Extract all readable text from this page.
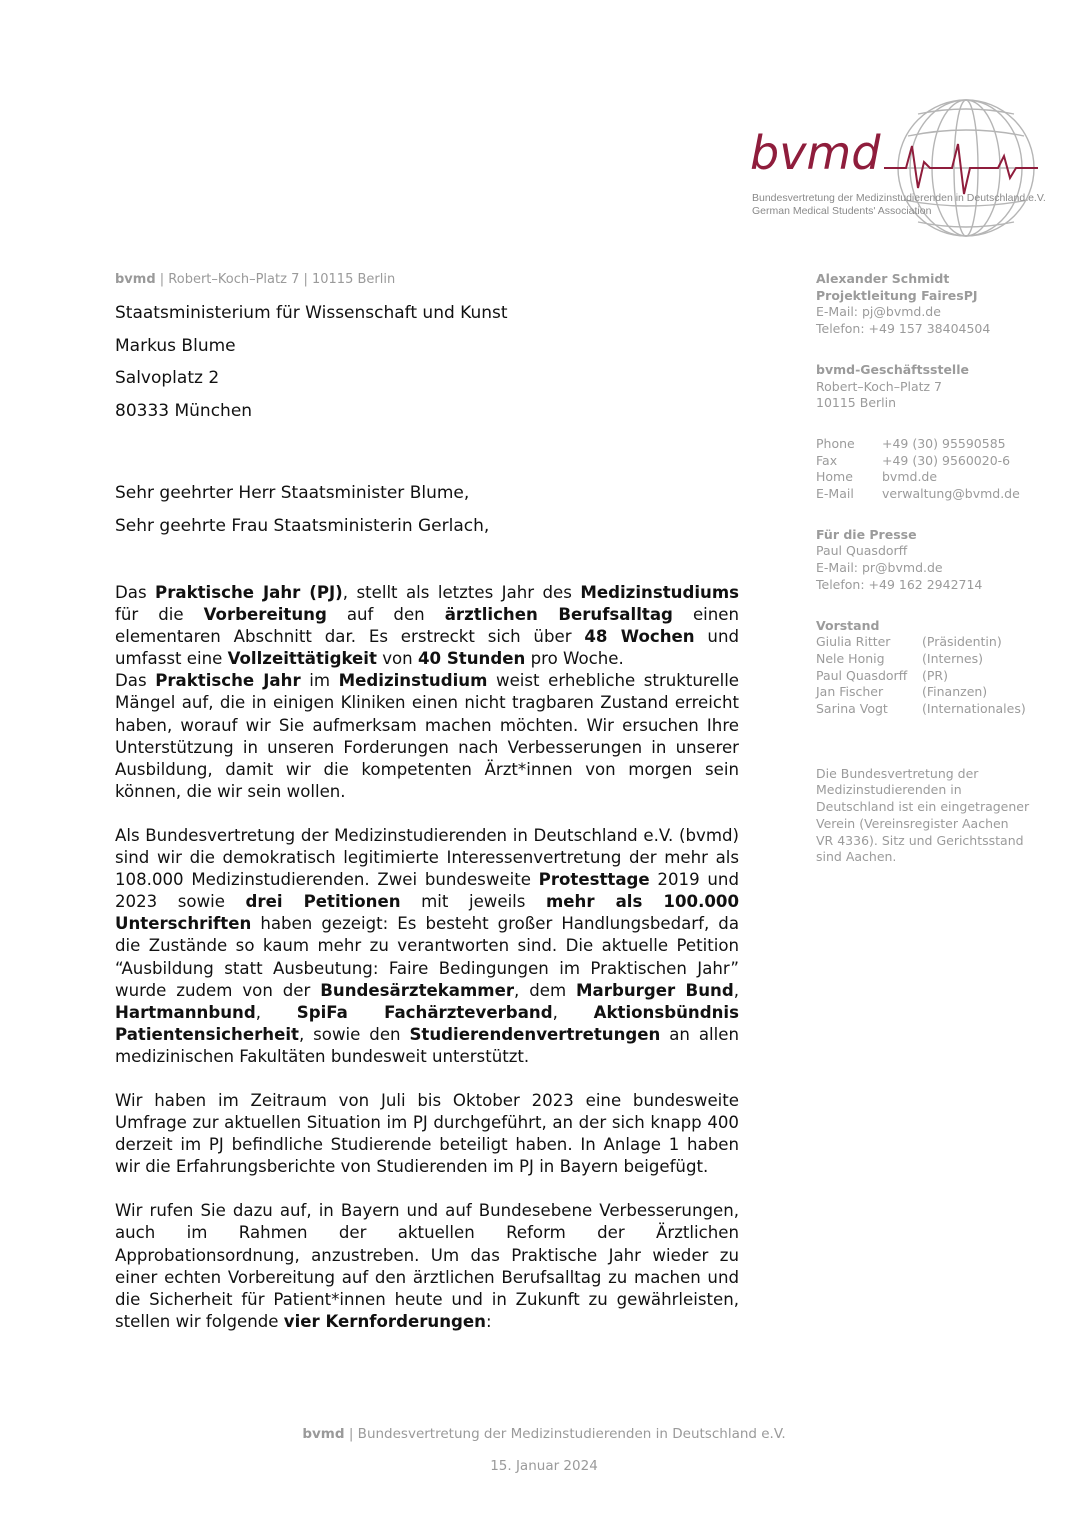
bvmd
Bundesvertretung der Medizinstudierenden in Deutschland e.V.
German Medical Students' Association
bvmd | Robert–Koch–Platz 7 | 10115 Berlin
Staatsministerium für Wissenschaft und Kunst
Markus Blume
Salvoplatz 2
80333 München
Sehr geehrter Herr Staatsminister Blume,
Sehr geehrte Frau Staatsministerin Gerlach,
Alexander Schmidt
Projektleitung FairesPJ
E-Mail: pj@bvmd.de
Telefon: +49 157 38404504
bvmd-Geschäftsstelle
Robert–Koch–Platz 7
10115 Berlin
Phone	+49 (30) 95590585
Fax	+49 (30) 9560020-6
Home	bvmd.de
E-Mail	verwaltung@bvmd.de
Für die Presse
Paul Quasdorff
E-Mail: pr@bvmd.de
Telefon: +49 162 2942714
Vorstand
Giulia Ritter	(Präsidentin)
Nele Honig	(Internes)
Paul Quasdorff	(PR)
Jan Fischer	(Finanzen)
Sarina Vogt	(Internationales)
Die Bundesvertretung der
Medizinstudierenden in
Deutschland ist ein eingetragener
Verein (Vereinsregister Aachen
VR 4336). Sitz und Gerichtsstand
sind Aachen.

Das Praktische Jahr (PJ), stellt als letztes Jahr des Medizinstudiums für die Vorbereitung auf den ärztlichen Berufsalltag einen elementaren Abschnitt dar. Es erstreckt sich über 48 Wochen und umfasst eine Vollzeittätigkeit von 40 Stunden pro Woche.

Das Praktische Jahr im Medizinstudium weist erhebliche strukturelle Mängel auf, die in einigen Kliniken einen nicht tragbaren Zustand erreicht haben, worauf wir Sie aufmerksam machen möchten. Wir ersuchen Ihre Unterstützung in unseren Forderungen nach Verbesserungen in unserer Ausbildung, damit wir die kompetenten Ärzt*innen von morgen sein können, die wir sein wollen.

Als Bundesvertretung der Medizinstudierenden in Deutschland e.V. (bvmd) sind wir die demokratisch legitimierte Interessenvertretung der mehr als 108.000 Medizinstudierenden. Zwei bundesweite Protesttage 2019 und 2023 sowie drei Petitionen mit jeweils mehr als 100.000 Unterschriften haben gezeigt: Es besteht großer Handlungsbedarf, da die Zustände so kaum mehr zu verantworten sind. Die aktuelle Petition “Ausbildung statt Ausbeutung: Faire Bedingungen im Praktischen Jahr” wurde zudem von der Bundesärztekammer, dem Marburger Bund, Hartmannbund, SpiFa Fachärzteverband, Aktionsbündnis Patientensicherheit, sowie den Studierendenvertretungen an allen medizinischen Fakultäten bundesweit unterstützt.

Wir haben im Zeitraum von Juli bis Oktober 2023 eine bundesweite Umfrage zur aktuellen Situation im PJ durchgeführt, an der sich knapp 400 derzeit im PJ befindliche Studierende beteiligt haben. In Anlage 1 haben wir die Erfahrungsberichte von Studierenden im PJ in Bayern beigefügt.

Wir rufen Sie dazu auf, in Bayern und auf Bundesebene Verbesserungen, auch im Rahmen der aktuellen Reform der Ärztlichen Approbationsordnung, anzustreben. Um das Praktische Jahr wieder zu einer echten Vorbereitung auf den ärztlichen Berufsalltag zu machen und die Sicherheit für Patient*innen heute und in Zukunft zu gewährleisten, stellen wir folgende vier Kernforderungen:

bvmd | Bundesvertretung der Medizinstudierenden in Deutschland e.V.
15. Januar 2024
